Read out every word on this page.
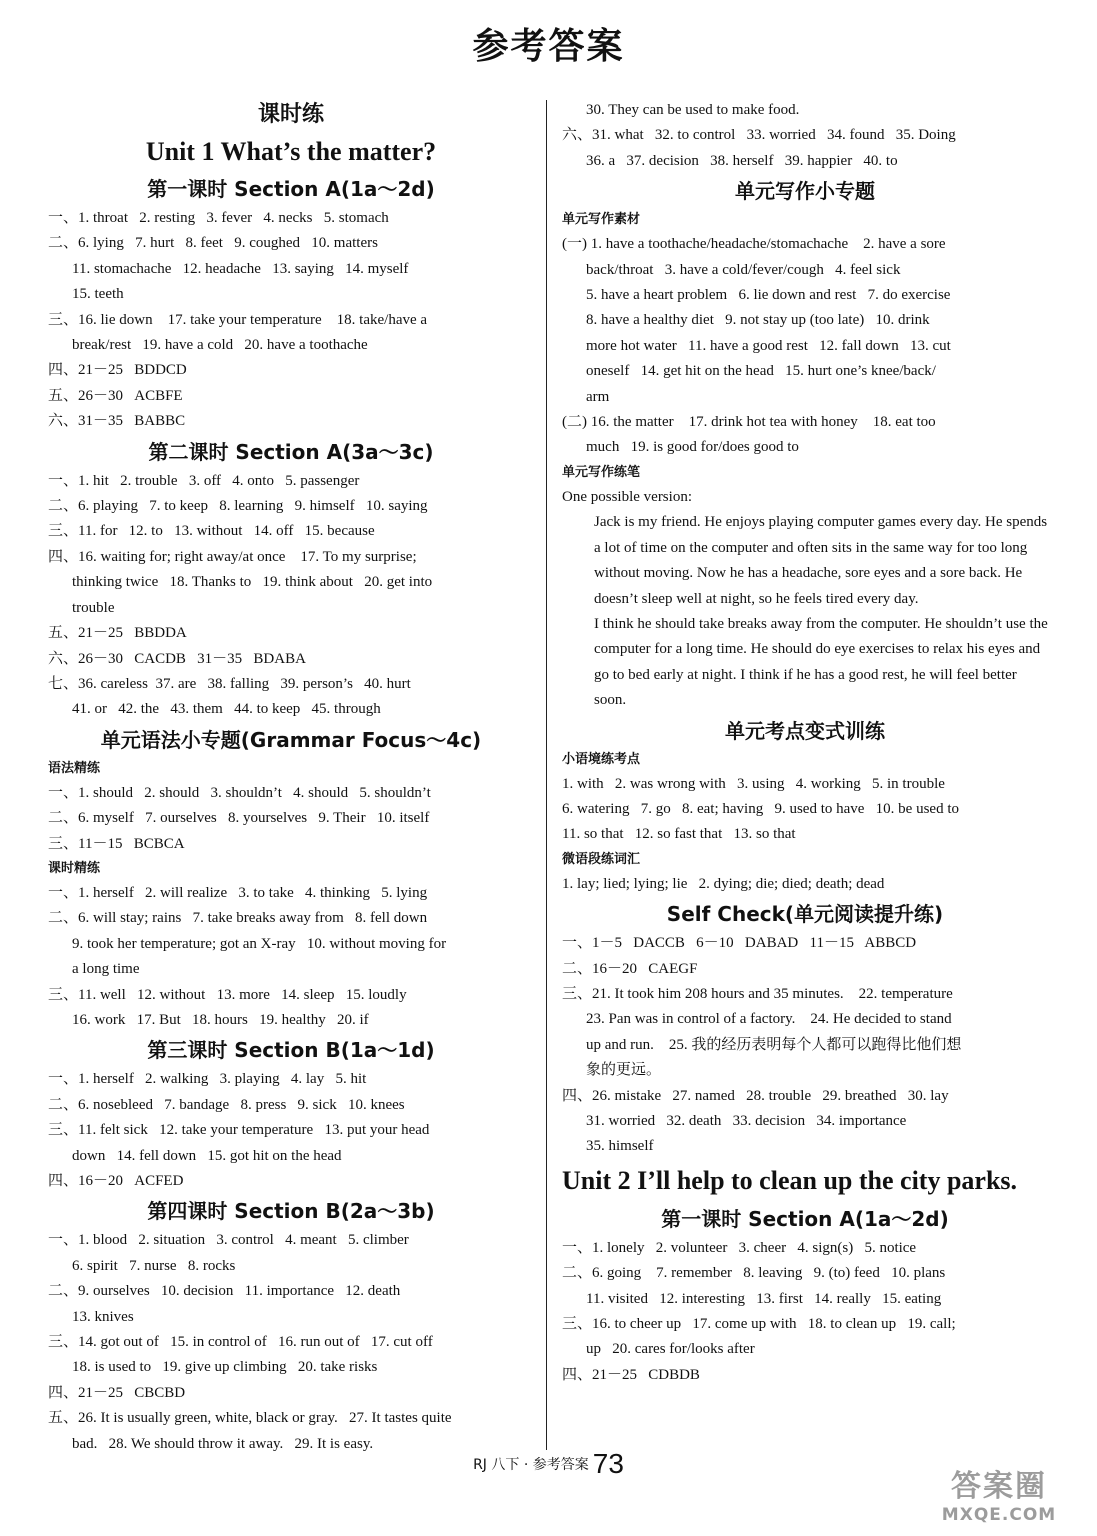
参考答案
课时练
Unit 1 What’s the matter?
第一课时 Section A(1a～2d)
一、1. throat   2. resting   3. fever   4. necks   5. stomach
二、6. lying   7. hurt   8. feet   9. coughed   10. matters
11. stomachache   12. headache   13. saying   14. myself
15. teeth
三、16. lie down    17. take your temperature    18. take/have a
break/rest   19. have a cold   20. have a toothache
四、21－25   BDDCD
五、26－30   ACBFE
六、31－35   BABBC
第二课时 Section A(3a～3c)
一、1. hit   2. trouble   3. off   4. onto   5. passenger
二、6. playing   7. to keep   8. learning   9. himself   10. saying
三、11. for   12. to   13. without   14. off   15. because
四、16. waiting for; right away/at once    17. To my surprise;
thinking twice   18. Thanks to   19. think about   20. get into
trouble
五、21－25   BBDDA
六、26－30   CACDB   31－35   BDABA
七、36. careless  37. are   38. falling   39. person’s   40. hurt
41. or   42. the   43. them   44. to keep   45. through
单元语法小专题(Grammar Focus～4c)
语法精练
一、1. should   2. should   3. shouldn’t   4. should   5. shouldn’t
二、6. myself   7. ourselves   8. yourselves   9. Their   10. itself
三、11－15   BCBCA
课时精练
一、1. herself   2. will realize   3. to take   4. thinking   5. lying
二、6. will stay; rains   7. take breaks away from   8. fell down
9. took her temperature; got an X-ray   10. without moving for
a long time
三、11. well   12. without   13. more   14. sleep   15. loudly
16. work   17. But   18. hours   19. healthy   20. if
第三课时 Section B(1a～1d)
一、1. herself   2. walking   3. playing   4. lay   5. hit
二、6. nosebleed   7. bandage   8. press   9. sick   10. knees
三、11. felt sick   12. take your temperature   13. put your head
down   14. fell down   15. got hit on the head
四、16－20   ACFED
第四课时 Section B(2a～3b)
一、1. blood   2. situation   3. control   4. meant   5. climber
6. spirit   7. nurse   8. rocks
二、9. ourselves   10. decision   11. importance   12. death
13. knives
三、14. got out of   15. in control of   16. run out of   17. cut off
18. is used to   19. give up climbing   20. take risks
四、21－25   CBCBD
五、26. It is usually green, white, black or gray.   27. It tastes quite
bad.   28. We should throw it away.   29. It is easy.
30. They can be used to make food.
六、31. what   32. to control   33. worried   34. found   35. Doing
36. a   37. decision   38. herself   39. happier   40. to
单元写作小专题
单元写作素材
(一) 1. have a toothache/headache/stomachache    2. have a sore
back/throat   3. have a cold/fever/cough   4. feel sick
5. have a heart problem   6. lie down and rest   7. do exercise
8. have a healthy diet   9. not stay up (too late)   10. drink
more hot water   11. have a good rest   12. fall down   13. cut
oneself   14. get hit on the head   15. hurt one’s knee/back/
arm
(二) 16. the matter    17. drink hot tea with honey    18. eat too
much   19. is good for/does good to
单元写作练笔
One possible version:
Jack is my friend. He enjoys playing computer games every day. He spends a lot of time on the computer and often sits in the same way for too long without moving. Now he has a headache, sore eyes and a sore back. He doesn’t sleep well at night, so he feels tired every day.
I think he should take breaks away from the computer. He shouldn’t use the computer for a long time. He should do eye exercises to relax his eyes and go to bed early at night. I think if he has a good rest, he will feel better soon.
单元考点变式训练
小语境练考点
1. with   2. was wrong with   3. using   4. working   5. in trouble
6. watering   7. go   8. eat; having   9. used to have   10. be used to
11. so that   12. so fast that   13. so that
微语段练词汇
1. lay; lied; lying; lie   2. dying; die; died; death; dead
Self Check(单元阅读提升练)
一、1－5   DACCB   6－10   DABAD   11－15   ABBCD
二、16－20   CAEGF
三、21. It took him 208 hours and 35 minutes.    22. temperature
23. Pan was in control of a factory.    24. He decided to stand
up and run.    25. 我的经历表明每个人都可以跑得比他们想
象的更远。
四、26. mistake   27. named   28. trouble   29. breathed   30. lay
31. worried   32. death   33. decision   34. importance
35. himself
Unit 2 I’ll help to clean up the city parks.
第一课时 Section A(1a～2d)
一、1. lonely   2. volunteer   3. cheer   4. sign(s)   5. notice
二、6. going    7. remember   8. leaving   9. (to) feed   10. plans
11. visited   12. interesting   13. first   14. really   15. eating
三、16. to cheer up   17. come up with   18. to clean up   19. call;
up   20. cares for/looks after
四、21－25   CDBDB
RJ 八下 · 参考答案 73
答案圈
MXQE.COM
